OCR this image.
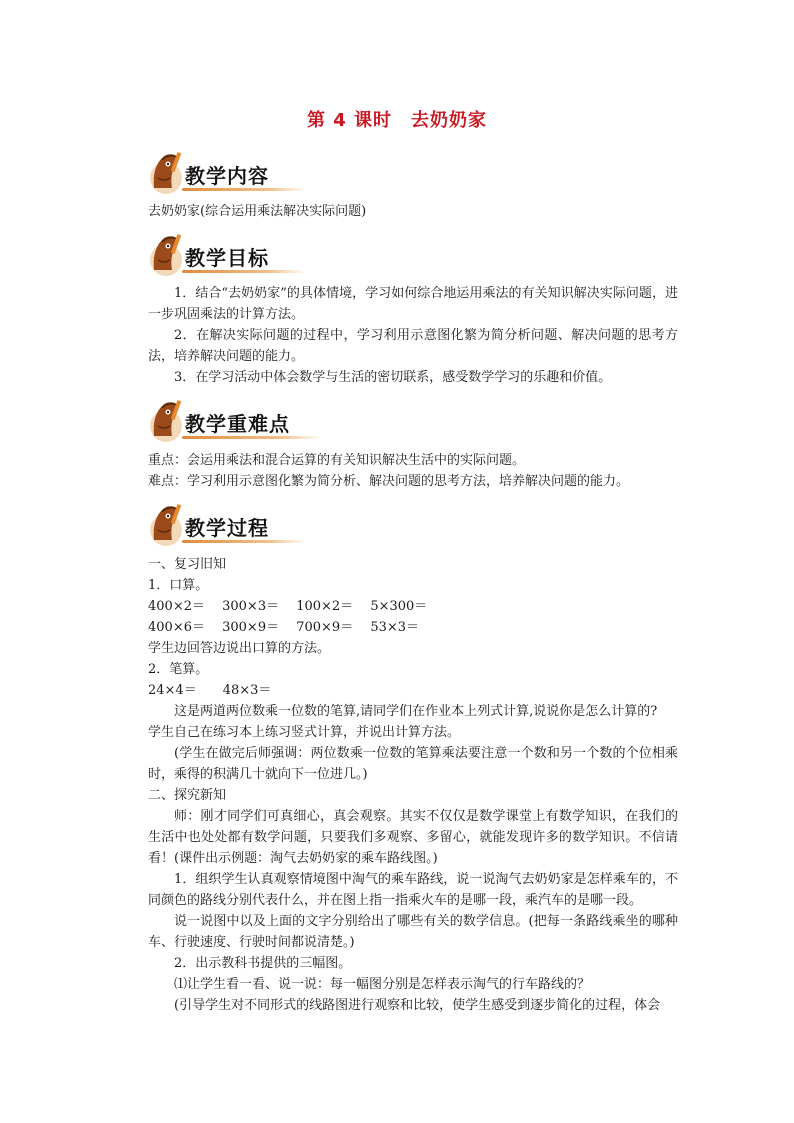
第 4 课时　去奶奶家
教学内容
去奶奶家(综合运用乘法解决实际问题)
教学目标
1．结合“去奶奶家”的具体情境，学习如何综合地运用乘法的有关知识解决实际问题，进一步巩固乘法的计算方法。
2．在解决实际问题的过程中，学习利用示意图化繁为简分析问题、解决问题的思考方法，培养解决问题的能力。
3．在学习活动中体会数学与生活的密切联系，感受数学学习的乐趣和价值。
教学重难点
重点：会运用乘法和混合运算的有关知识解决生活中的实际问题。
难点：学习利用示意图化繁为简分析、解决问题的思考方法，培养解决问题的能力。
教学过程
一、复习旧知
1．口算。
400×2＝　 300×3＝　 100×2＝　 5×300＝
400×6＝　 300×9＝　 700×9＝　 53×3＝
学生边回答边说出口算的方法。
2．笔算。
24×4＝　　48×3＝
这是两道两位数乘一位数的笔算,请同学们在作业本上列式计算,说说你是怎么计算的?
学生自己在练习本上练习竖式计算，并说出计算方法。
(学生在做完后师强调：两位数乘一位数的笔算乘法要注意一个数和另一个数的个位相乘时，乘得的积满几十就向下一位进几。)
二、探究新知
师：刚才同学们可真细心，真会观察。其实不仅仅是数学课堂上有数学知识，在我们的生活中也处处都有数学问题，只要我们多观察、多留心，就能发现许多的数学知识。不信请看！(课件出示例题：淘气去奶奶家的乘车路线图。)
1．组织学生认真观察情境图中淘气的乘车路线，说一说淘气去奶奶家是怎样乘车的，不同颜色的路线分别代表什么，并在图上指一指乘火车的是哪一段，乘汽车的是哪一段。
说一说图中以及上面的文字分别给出了哪些有关的数学信息。(把每一条路线乘坐的哪种车、行驶速度、行驶时间都说清楚。)
2．出示教科书提供的三幅图。
⑴让学生看一看、说一说：每一幅图分别是怎样表示淘气的行车路线的？
(引导学生对不同形式的线路图进行观察和比较，使学生感受到逐步简化的过程，体会
